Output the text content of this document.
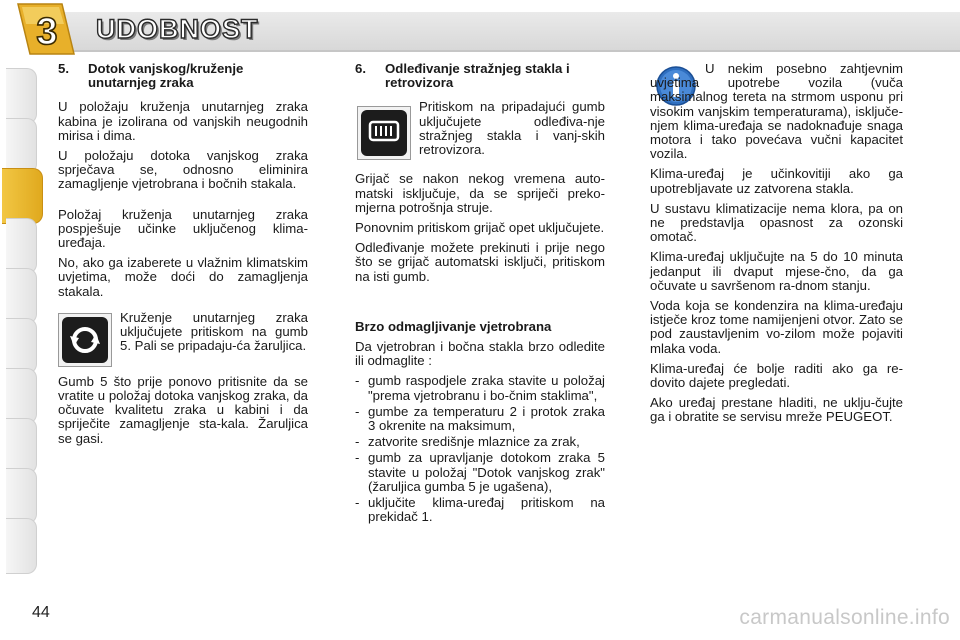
3 UDOBNOST
5. Dotok vanjskog/kruženje unutarnjeg zraka

U položaju kruženja unutarnjeg zraka kabina je izolirana od vanjskih neugodnih mirisa i dima.

U položaju dotoka vanjskog zraka sprječava se, odnosno eliminira zamagljenje vjetrobrana i bočnih stakala.

Položaj kruženja unutarnjeg zraka pospješuje učinke uključenog klima-uređaja.

No, ako ga izaberete u vlažnim klimatskim uvjetima, može doći do zamagljenja stakala.

Kruženje unutarnjeg zraka uključujete pritiskom na gumb 5. Pali se pripadaju-ća žaruljica.

Gumb 5 što prije ponovo pritisnite da se vratite u položaj dotoka vanjskog zraka, da očuvate kvalitetu zraka u kabini i da spriječite zamagljenje sta-kala. Žaruljica se gasi.

6. Odleđivanje stražnjeg stakla i retrovizora

Pritiskom na pripadajući gumb uključujete odleđiva-nje stražnjeg stakla i vanj-skih retrovizora.

Grijač se nakon nekog vremena auto-matski isključuje, da se spriječi preko-mjerna potrošnja struje.

Ponovnim pritiskom grijač opet uključujete.

Odleđivanje možete prekinuti i prije nego što se grijač automatski isključi, pritiskom na isti gumb.

Brzo odmagljivanje vjetrobrana

Da vjetrobran i bočna stakla brzo odledite ili odmaglite :

- gumb raspodjele zraka stavite u položaj "prema vjetrobranu i bo-čnim staklima",
- gumbe za temperaturu 2 i protok zraka 3 okrenite na maksimum,
- zatvorite središnje mlaznice za zrak,
- gumb za upravljanje dotokom zraka 5 stavite u položaj "Dotok vanjskog zrak" (žaruljica gumba 5 je ugašena),
- uključite klima-uređaj pritiskom na prekidač 1.

U nekim posebno zahtjevnim uvjetima upotrebe vozila (vuča maksimalnog tereta na strmom usponu pri visokim vanjskim temperaturama), isključe-njem klima-uređaja se nadoknađuje snaga motora i tako povećava vučni kapacitet vozila.

Klima-uređaj je učinkovitiji ako ga upotrebljavate uz zatvorena stakla.

U sustavu klimatizacije nema klora, pa on ne predstavlja opasnost za ozonski omotač.

Klima-uređaj uključujte na 5 do 10 minuta jedanput ili dvaput mjese-čno, da ga očuvate u savršenom ra-dnom stanju.

Voda koja se kondenzira na klima-uređaju istječe kroz tome namijenjeni otvor. Zato se pod zaustavljenim vo-zilom može pojaviti mlaka voda.

Klima-uređaj će bolje raditi ako ga re-dovito dajete pregledati.

Ako uređaj prestane hladiti, ne uklju-čujte ga i obratite se servisu mreže PEUGEOT.

44	carmanualsonline.info
